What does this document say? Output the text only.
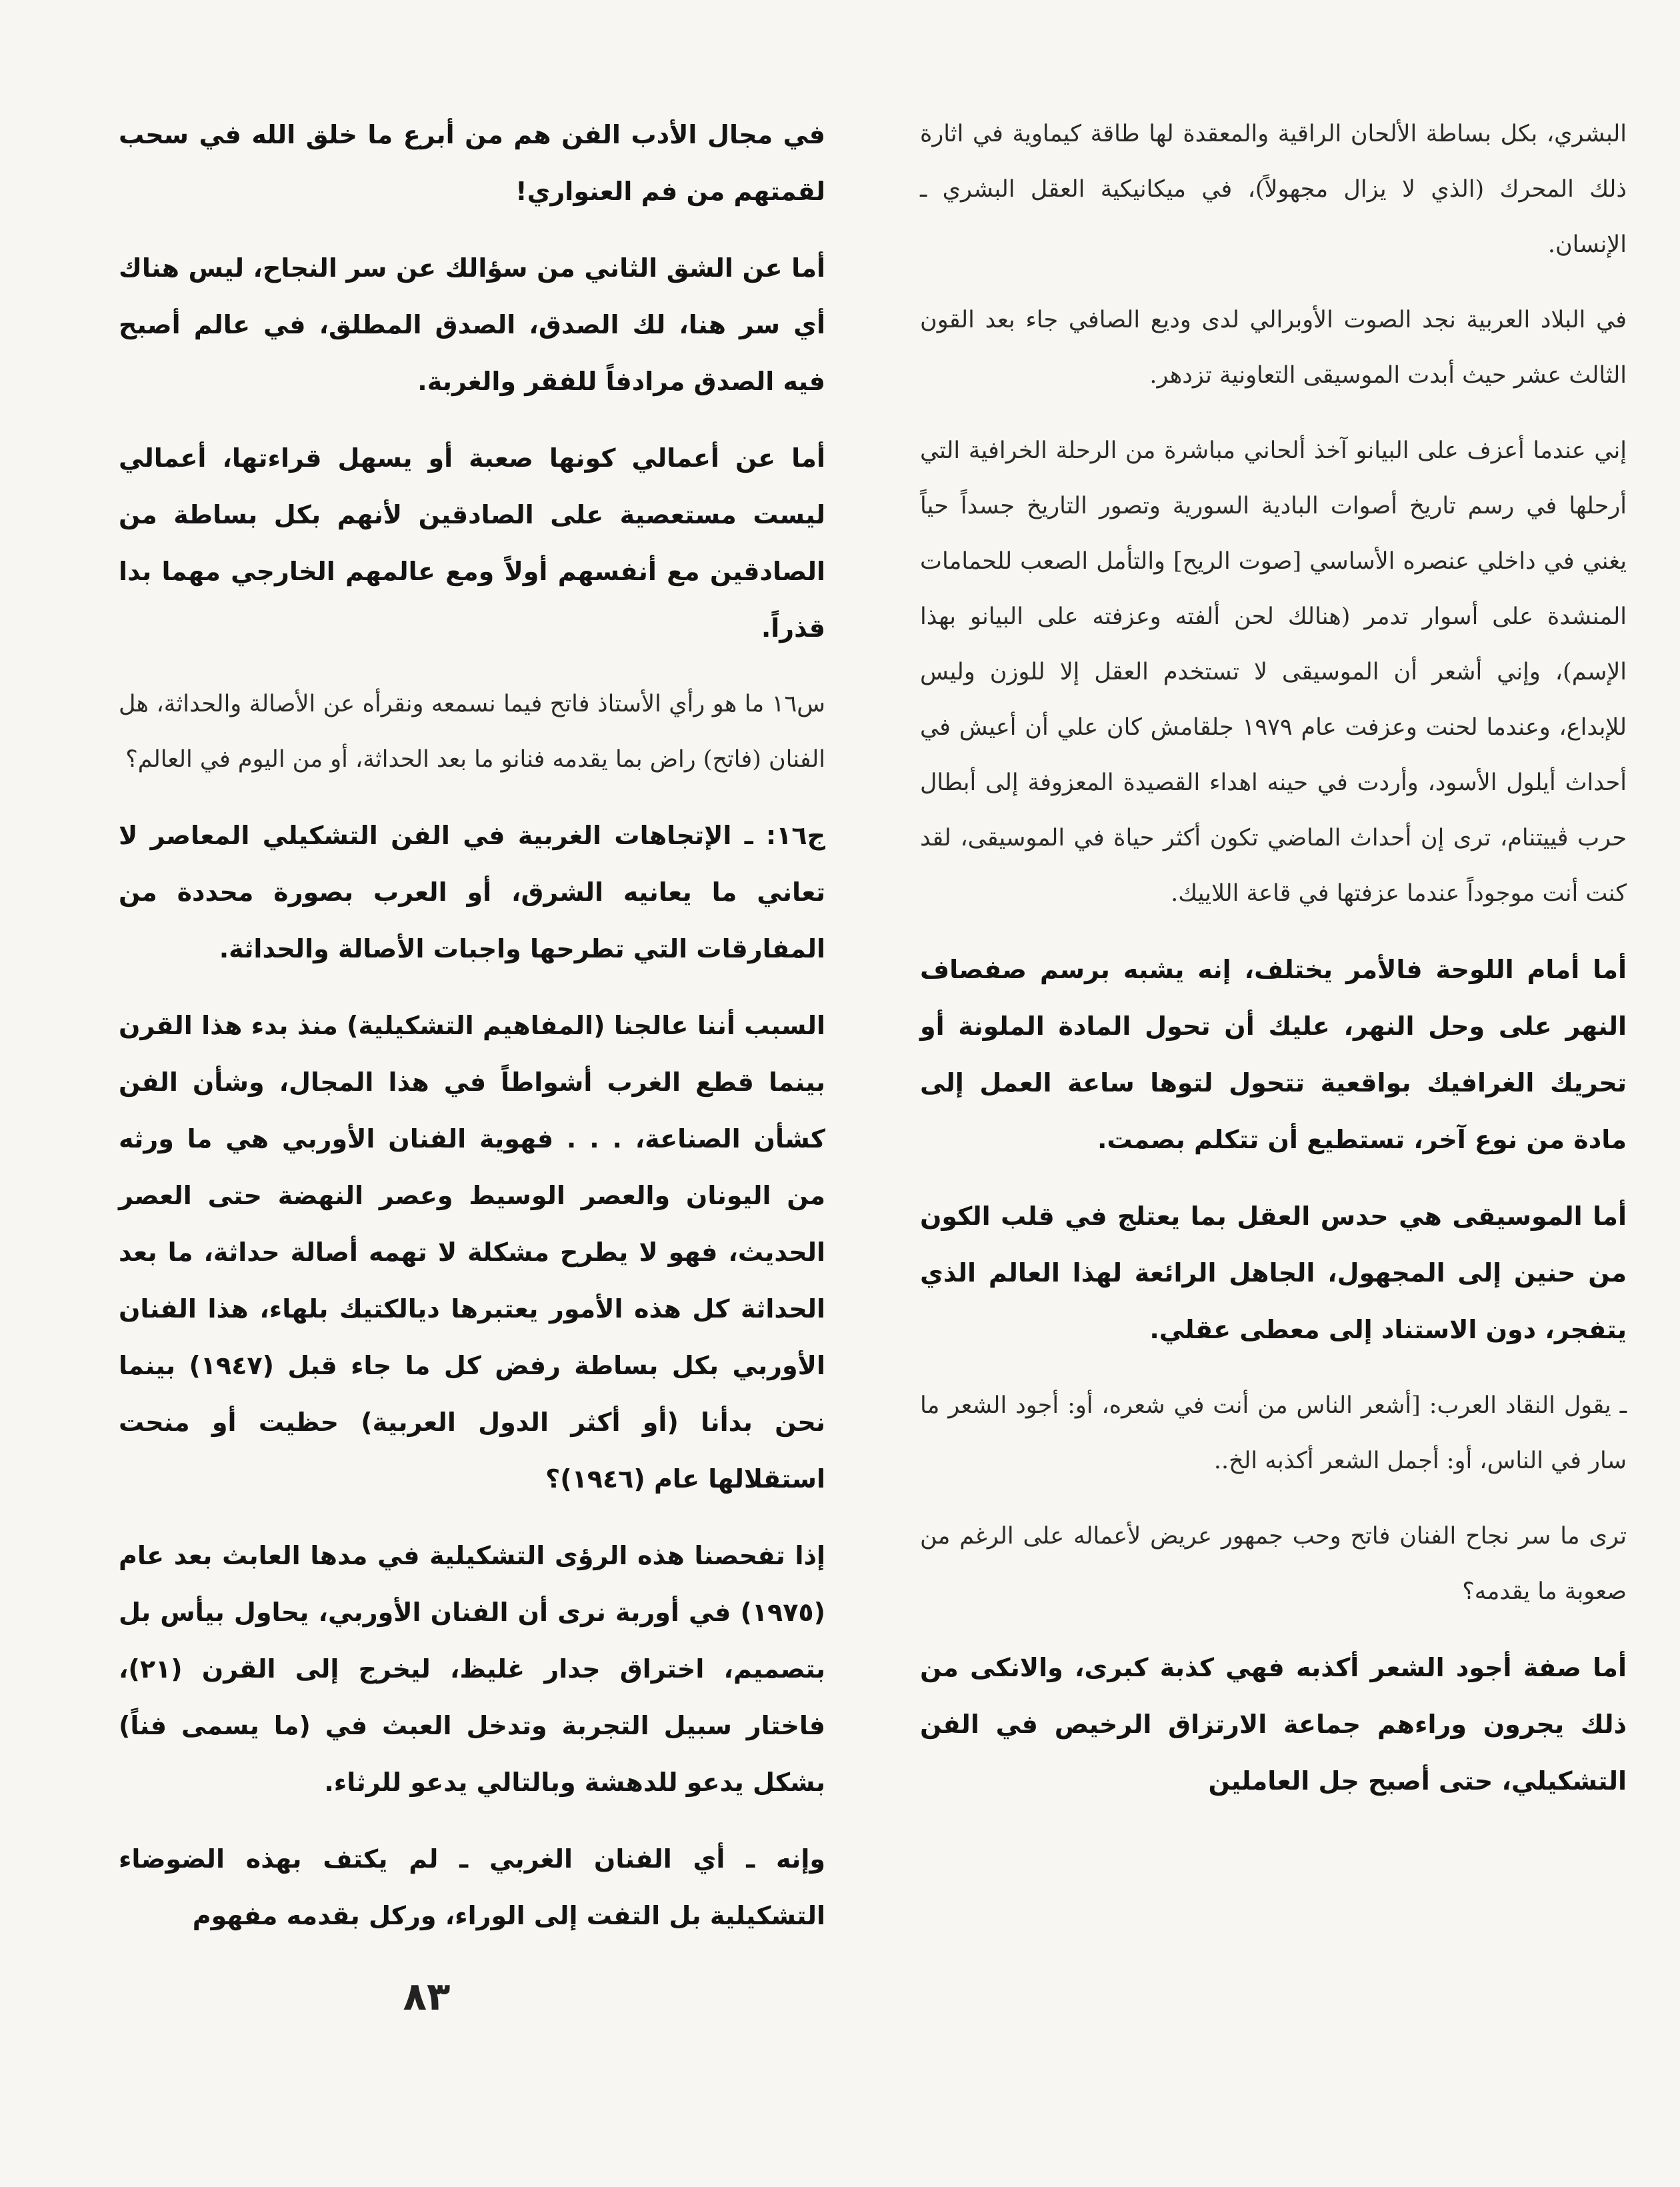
البشري، بكل بساطة الألحان الراقية والمعقدة لها طاقة كيماوية في اثارة ذلك المحرك (الذي لا يزال مجهولاً)، في ميكانيكية العقل البشري ـ الإنسان.

في البلاد العربية نجد الصوت الأوبرالي لدى وديع الصافي جاء بعد القون الثالث عشر حيث أبدت الموسيقى التعاونية تزدهر.

إني عندما أعزف على البيانو آخذ ألحاني مباشرة من الرحلة الخرافية التي أرحلها في رسم تاريخ أصوات البادية السورية وتصور التاريخ جسداً حياً يغني في داخلي عنصره الأساسي [صوت الريح] والتأمل الصعب للحمامات المنشدة على أسوار تدمر (هنالك لحن ألفته وعزفته على البيانو بهذا الإسم)، وإني أشعر أن الموسيقى لا تستخدم العقل إلا للوزن وليس للإبداع، وعندما لحنت وعزفت عام ١٩٧٩ جلقامش كان علي أن أعيش في أحداث أيلول الأسود، وأردت في حينه اهداء القصيدة المعزوفة إلى أبطال حرب ڤييتنام، ترى إن أحداث الماضي تكون أكثر حياة في الموسيقى، لقد كنت أنت موجوداً عندما عزفتها في قاعة اللاييك.

أما أمام اللوحة فالأمر يختلف، إنه يشبه برسم صفصاف النهر على وحل النهر، عليك أن تحول المادة الملونة أو تحريك الغرافيك بواقعية تتحول لتوها ساعة العمل إلى مادة من نوع آخر، تستطيع أن تتكلم بصمت.

أما الموسيقى هي حدس العقل بما يعتلج في قلب الكون من حنين إلى المجهول، الجاهل الرائعة لهذا العالم الذي يتفجر، دون الاستناد إلى معطى عقلي.

ـ يقول النقاد العرب: [أشعر الناس من أنت في شعره، أو: أجود الشعر ما سار في الناس، أو: أجمل الشعر أكذبه الخ..

ترى ما سر نجاح الفنان فاتح وحب جمهور عريض لأعماله على الرغم من صعوبة ما يقدمه؟

أما صفة أجود الشعر أكذبه فهي كذبة كبرى، والانكى من ذلك يجرون وراءهم جماعة الارتزاق الرخيص في الفن التشكيلي، حتى أصبح جل العاملين

في مجال الأدب الفن هم من أبرع ما خلق الله في سحب لقمتهم من فم العنواري!

أما عن الشق الثاني من سؤالك عن سر النجاح، ليس هناك أي سر هنا، لك الصدق، الصدق المطلق، في عالم أصبح فيه الصدق مرادفاً للفقر والغربة.

أما عن أعمالي كونها صعبة أو يسهل قراءتها، أعمالي ليست مستعصية على الصادقين لأنهم بكل بساطة من الصادقين مع أنفسهم أولاً ومع عالمهم الخارجي مهما بدا قذراً.

س١٦ ما هو رأي الأستاذ فاتح فيما نسمعه ونقرأه عن الأصالة والحداثة، هل الفنان (فاتح) راض بما يقدمه فنانو ما بعد الحداثة، أو من اليوم في العالم؟

ج١٦: ـ الإتجاهات الغربية في الفن التشكيلي المعاصر لا تعاني ما يعانيه الشرق، أو العرب بصورة محددة من المفارقات التي تطرحها واجبات الأصالة والحداثة.

السبب أننا عالجنا (المفاهيم التشكيلية) منذ بدء هذا القرن بينما قطع الغرب أشواطاً في هذا المجال، وشأن الفن كشأن الصناعة، . . . فهوية الفنان الأوربي هي ما ورثه من اليونان والعصر الوسيط وعصر النهضة حتى العصر الحديث، فهو لا يطرح مشكلة لا تهمه أصالة حداثة، ما بعد الحداثة كل هذه الأمور يعتبرها ديالكتيك بلهاء، هذا الفنان الأوربي بكل بساطة رفض كل ما جاء قبل (١٩٤٧) بينما نحن بدأنا (أو أكثر الدول العربية) حظيت أو منحت استقلالها عام (١٩٤٦)؟

إذا تفحصنا هذه الرؤى التشكيلية في مدها العابث بعد عام (١٩٧٥) في أوربة نرى أن الفنان الأوربي، يحاول بيأس بل بتصميم، اختراق جدار غليظ، ليخرج إلى القرن (٢١)، فاختار سبيل التجربة وتدخل العبث في (ما يسمى فناً) بشكل يدعو للدهشة وبالتالي يدعو للرثاء.

وإنه ـ أي الفنان الغربي ـ لم يكتف بهذه الضوضاء التشكيلية بل التفت إلى الوراء، وركل بقدمه مفهوم

٨٣
